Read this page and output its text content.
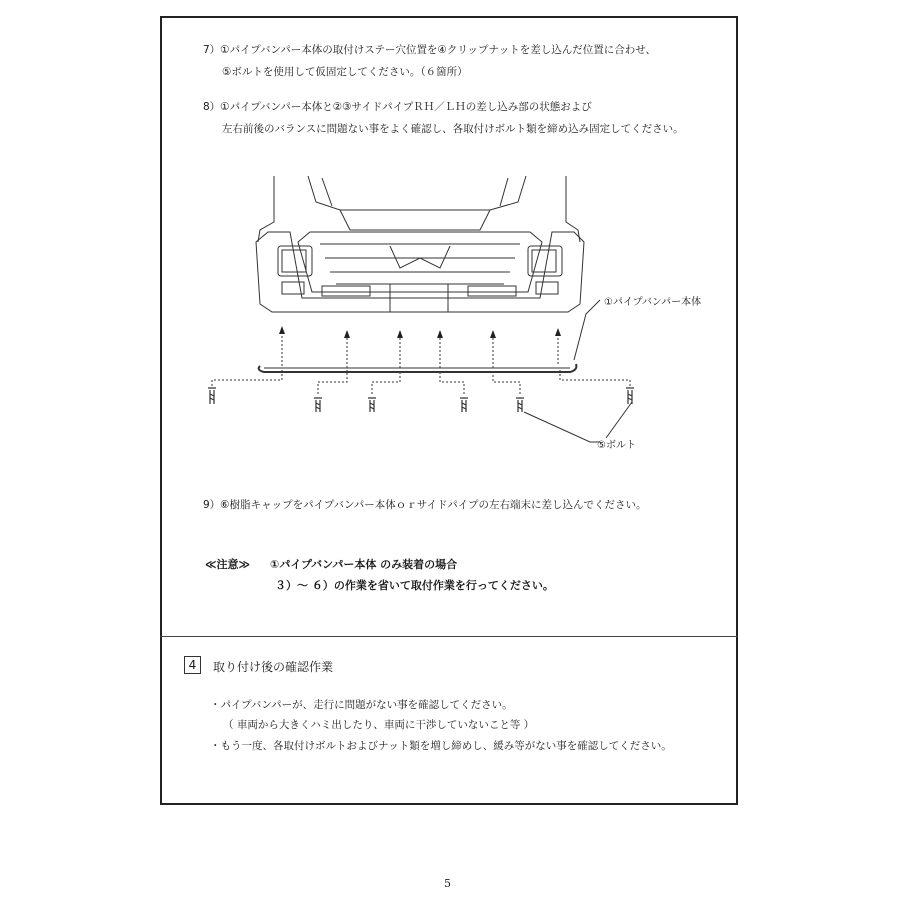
7）①パイプバンパー本体の取付けステー穴位置を④クリップナットを差し込んだ位置に合わせ、
⑤ボルトを使用して仮固定してください。（６箇所）
8）①パイプバンパー本体と②③サイドパイプＲＨ／ＬＨの差し込み部の状態および
左右前後のバランスに問題ない事をよく確認し、各取付けボルト類を締め込み固定してください。
①パイプバンパー本体
⑤ボルト
9）⑥樹脂キャップをパイプバンパー本体ｏｒサイドパイプの左右端末に差し込んでください。
≪注意≫ ①パイプバンパー本体 のみ装着の場合
３）～ ６）の作業を省いて取付作業を行ってください。
4	取り付け後の確認作業
・パイプバンパーが、走行に問題がない事を確認してください。
（ 車両から大きくハミ出したり、車両に干渉していないこと等 ）
・もう一度、各取付けボルトおよびナット類を増し締めし、緩み等がない事を確認してください。
5
